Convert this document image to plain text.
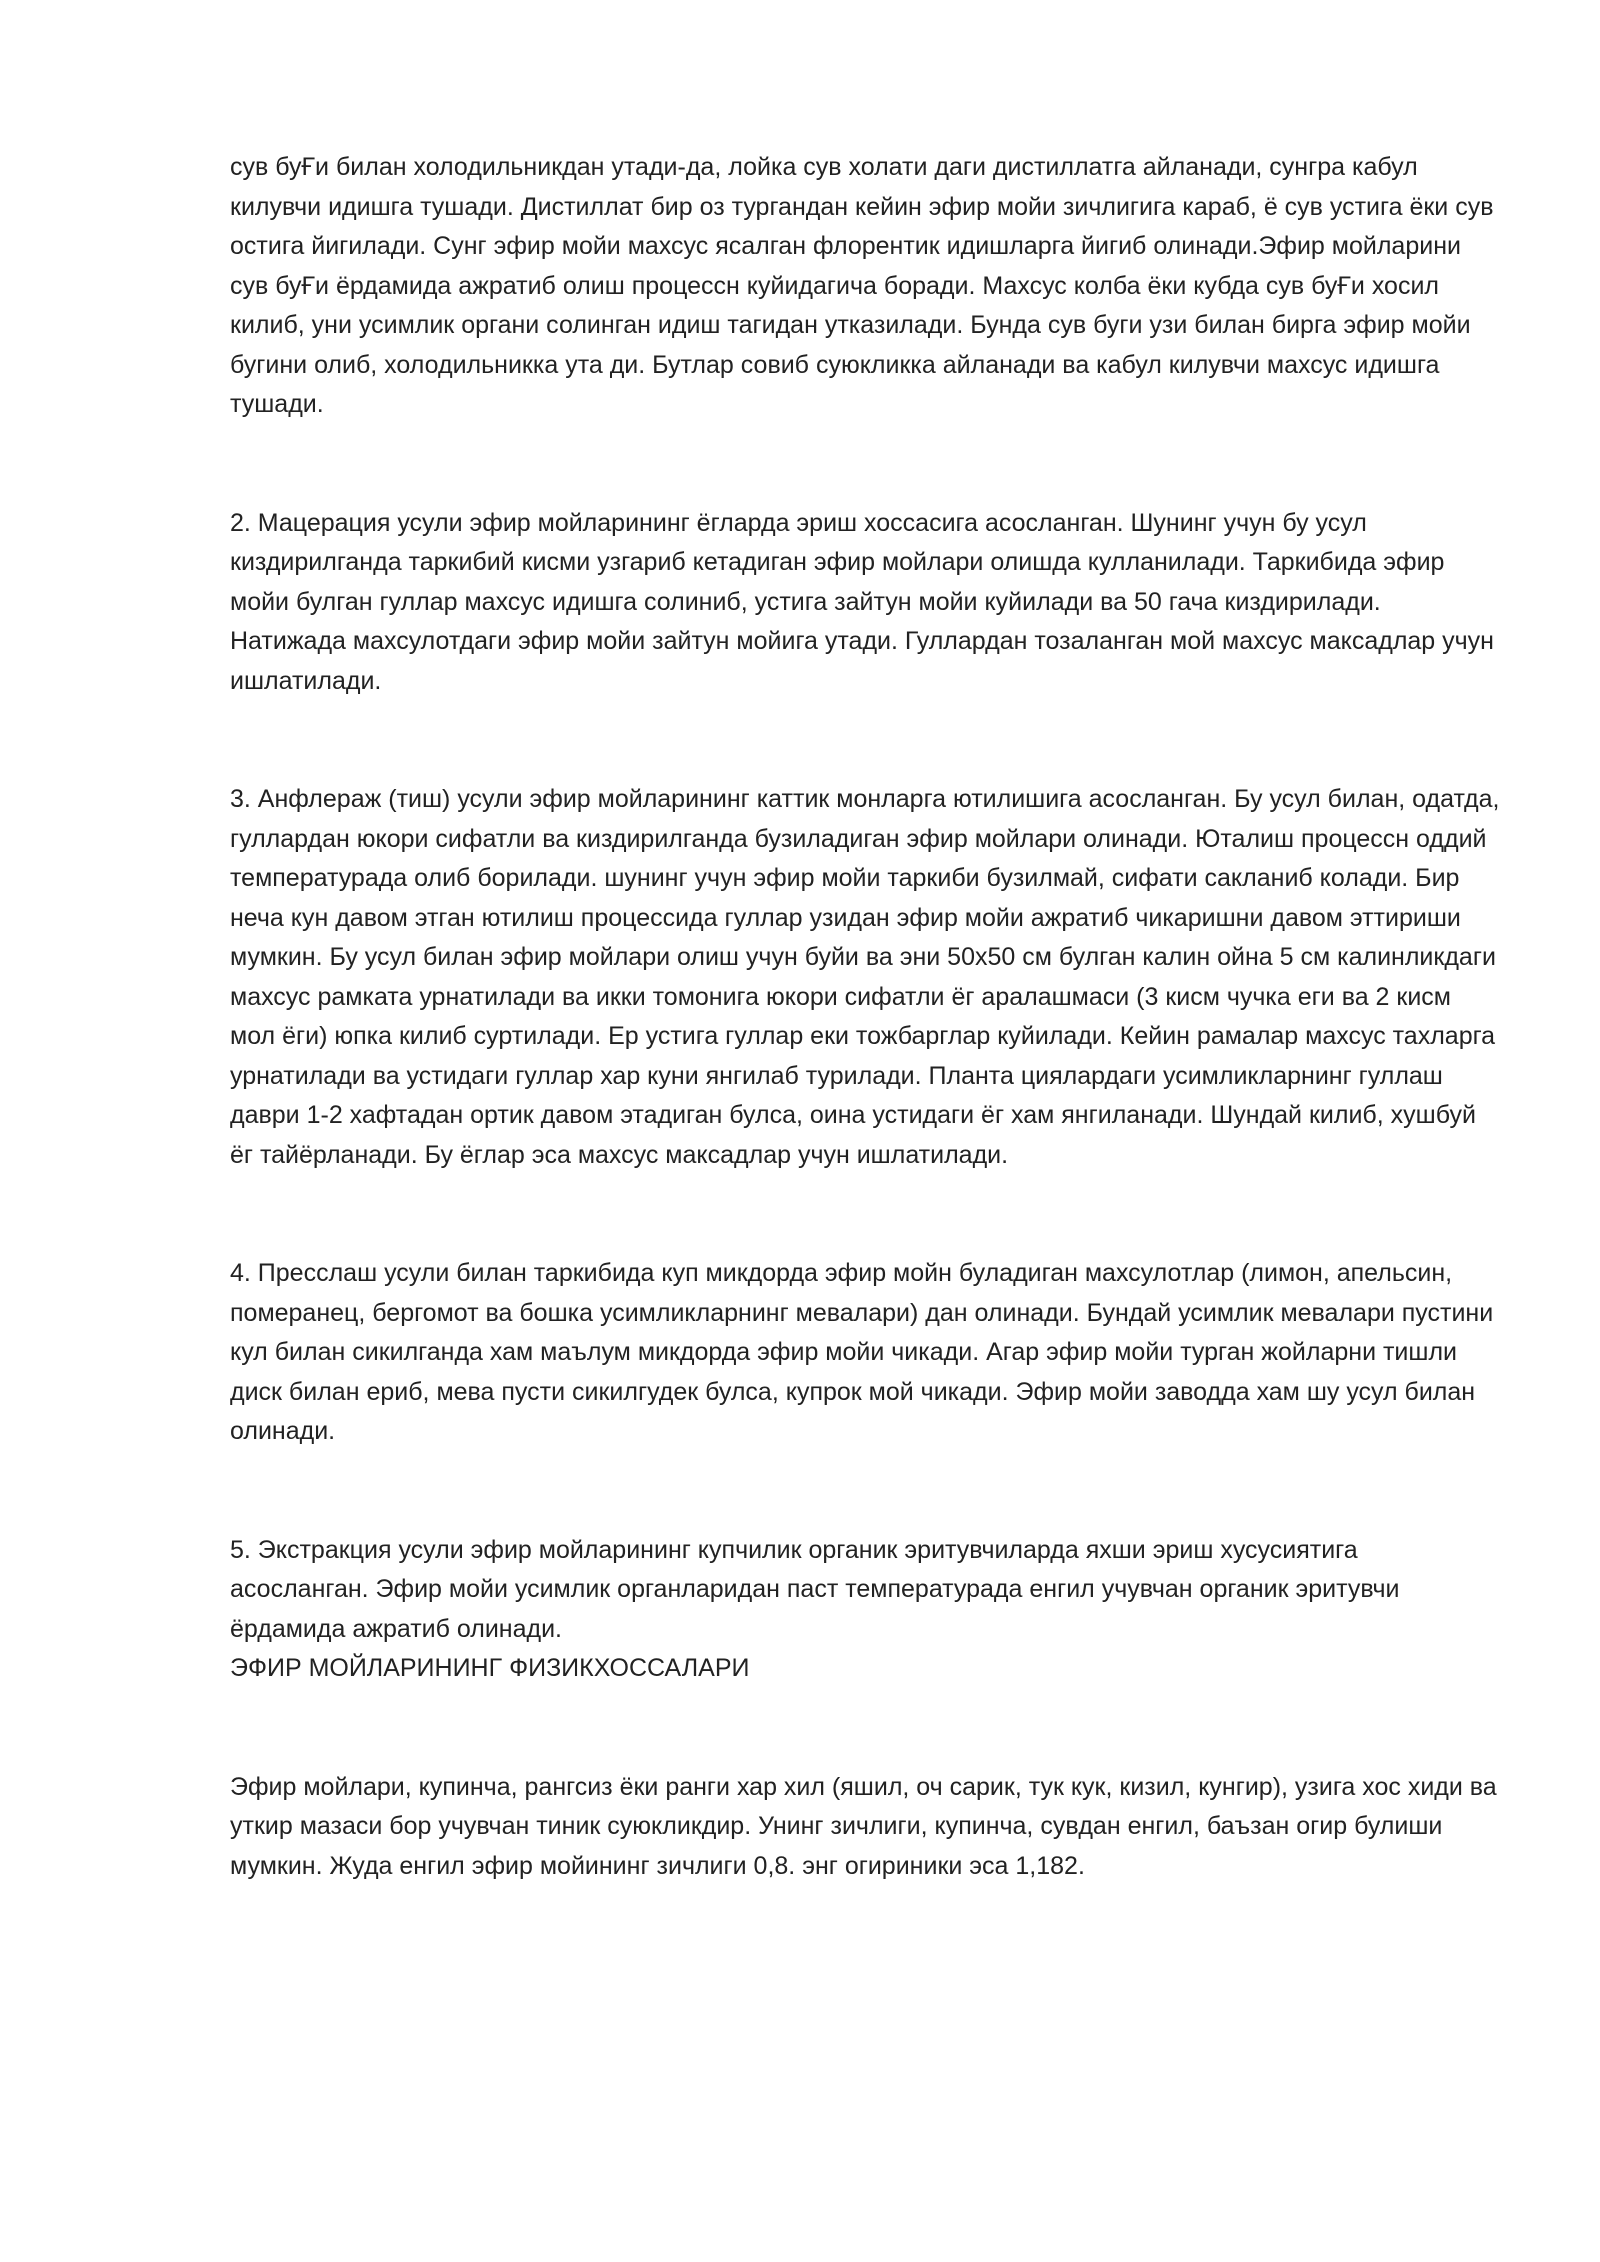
сув буҒи билан холодильникдан утади-да, лойка сув холати даги дистиллатга айланади, сунгра кабул килувчи идишга тушади. Дистиллат бир оз тургандан кейин эфир мойи зичлигига караб, ё сув устига ёки сув остига йигилади. Сунг эфир мойи махсус ясалган флорентик идишларга йигиб олинади.Эфир мойларини сув буҒи ёрдамида ажратиб олиш процессн куйидагича боради. Махсус колба ёки кубда сув буҒи хосил килиб, уни усимлик органи солинган идиш тагидан утказилади. Бунда сув буги узи билан бирга эфир мойи бугини олиб, холодильникка ута ди. Бутлар совиб суюкликка айланади ва кабул килувчи махсус идишга тушади.

2. Мацерация усули эфир мойларининг ёгларда эриш хоссасига асосланган. Шунинг учун бу усул киздирилганда таркибий кисми узгариб кетадиган эфир мойлари олишда кулланилади. Таркибида эфир мойи булган гуллар махсус идишга солиниб, устига зайтун мойи куйилади ва 50 гача киздирилади. Натижада махсулотдаги эфир мойи зайтун мойига утади. Гуллардан тозаланган мой махсус максадлар учун ишлатилади.

3. Анфлераж (тиш) усули эфир мойларининг каттик монларга ютилишига асосланган. Бу усул билан, одатда, гуллардан юкори сифатли ва киздирилганда бузиладиган эфир мойлари олинади. Юталиш процессн оддий температурада олиб борилади. шунинг учун эфир мойи таркиби бузилмай, сифати сакланиб колади. Бир неча кун давом этган ютилиш процессида гуллар узидан эфир мойи ажратиб чикаришни давом эттириши мумкин. Бу усул билан эфир мойлари олиш учун буйи ва эни 50х50 см булган калин ойна 5 см калинликдаги махсус рамката урнатилади ва икки томонига юкори сифатли ёг аралашмаси (3 кисм чучка еги ва 2 кисм мол ёги) юпка килиб суртилади. Ер устига гуллар еки тожбарглар куйилади. Кейин рамалар махсус тахларга урнатилади ва устидаги гуллар хар куни янгилаб турилади. Планта циялардаги усимликларнинг гуллаш даври 1-2 хафтадан ортик давом этадиган булса, оина устидаги ёг хам янгиланади. Шундай килиб, хушбуй ёг тайёрланади. Бу ёглар эса махсус максадлар учун ишлатилади.

4. Пресслаш усули билан таркибида куп микдорда эфир мойн буладиган махсулотлар (лимон, апельсин, померанец, бергомот ва бошка усимликларнинг мевалари) дан олинади. Бундай усимлик мевалари пустини кул билан сикилганда хам маълум микдорда эфир мойи чикади. Агар эфир мойи турган жойларни тишли диск билан ериб, мева пусти сикилгудек булса, купрок мой чикади. Эфир мойи заводда хам шу усул билан олинади.

5. Экстракция усули эфир мойларининг купчилик органик эритувчиларда яхши эриш хусусиятига асосланган. Эфир мойи усимлик органларидан паст температурада енгил учувчан органик эритувчи ёрдамида ажратиб олинади.

ЭФИР МОЙЛАРИНИНГ ФИЗИКХОССАЛАРИ

Эфир мойлари, купинча, рангсиз ёки ранги хар хил (яшил, оч сарик, тук кук, кизил, кунгир), узига хос хиди ва уткир мазаси бор учувчан тиник суюкликдир. Унинг зичлиги, купинча, сувдан енгил, баъзан огир булиши мумкин. Жуда енгил эфир мойининг зичлиги 0,8. энг огириники эса 1,182.
